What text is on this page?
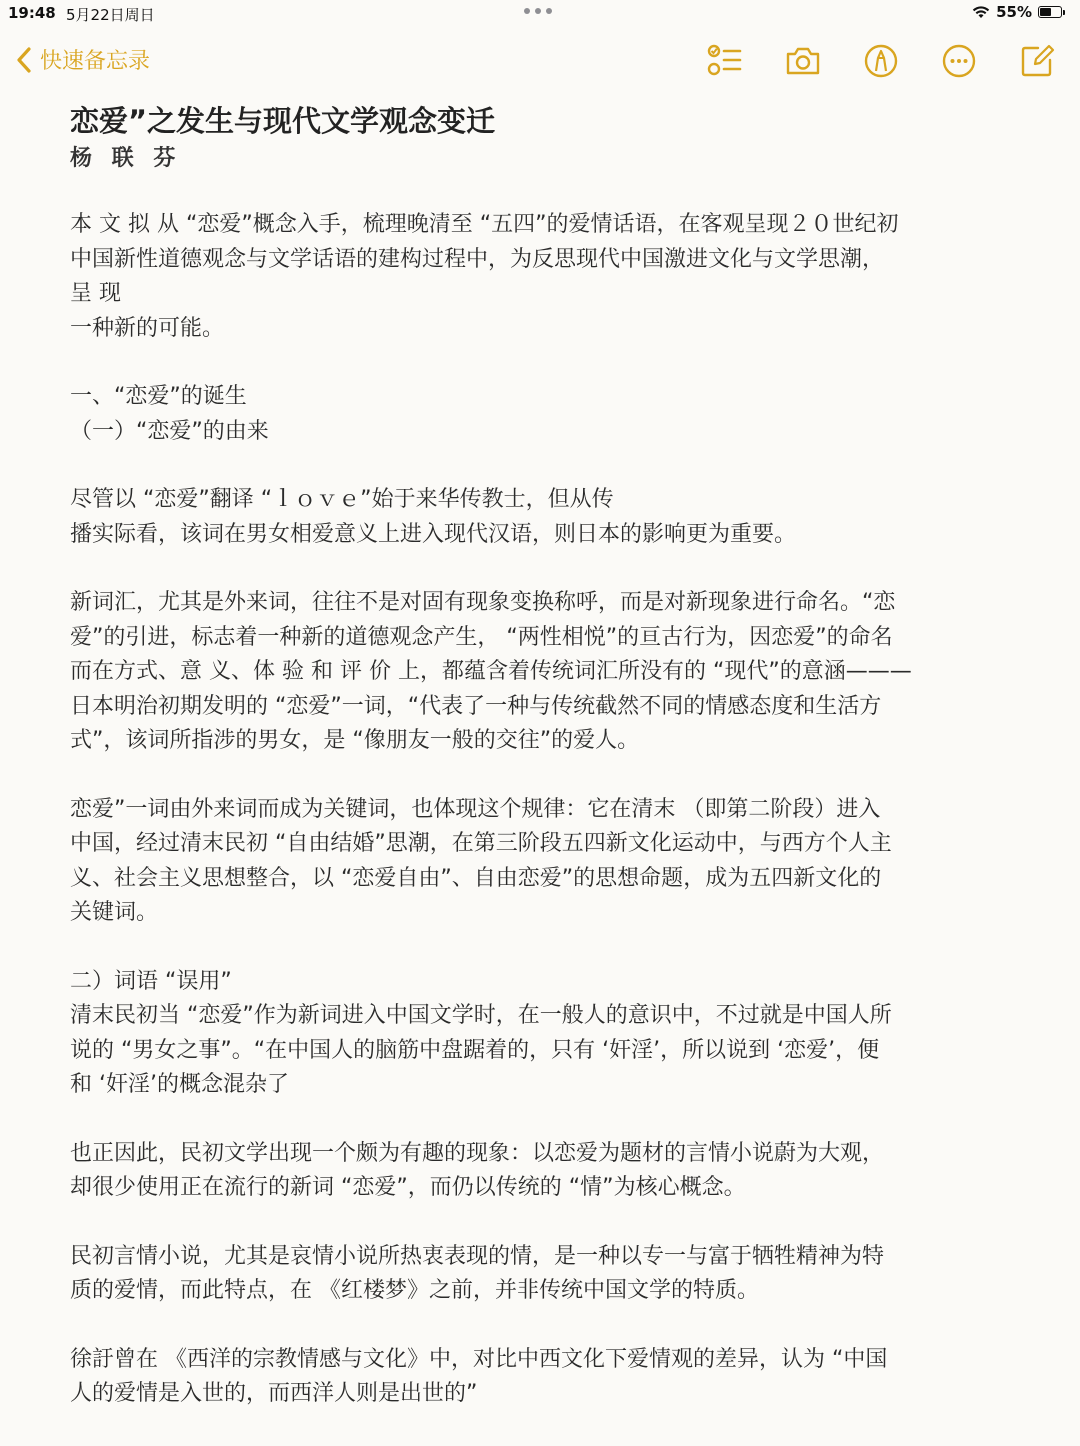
19:48 5月22日周日	55%
快速备忘录
恋爱”之发生与现代文学观念变迁
杨 联 芬

本 文 拟 从 “恋爱”概念入手，梳理晚清至 “五四”的爱情话语，在客观呈现２０世纪初
中国新性道德观念与文学话语的建构过程中，为反思现代中国激进文化与文学思潮，
呈 现
一种新的可能。

一、“恋爱”的诞生
（一）“恋爱”的由来

尽管以 “恋爱”翻译 “ｌｏｖｅ”始于来华传教士，但从传
播实际看，该词在男女相爱意义上进入现代汉语，则日本的影响更为重要。

新词汇，尤其是外来词，往往不是对固有现象变换称呼，而是对新现象进行命名。“恋
爱”的引进，标志着一种新的道德观念产生， “两性相悦”的亘古行为，因恋爱”的命名
而在方式、意 义、体 验 和 评 价 上，都蕴含着传统词汇所没有的 “现代”的意涵———
日本明治初期发明的 “恋爱”一词，“代表了一种与传统截然不同的情感态度和生活方
式”，该词所指涉的男女，是 “像朋友一般的交往”的爱人。

恋爱”一词由外来词而成为关键词，也体现这个规律：它在清末 （即第二阶段）进入
中国，经过清末民初 “自由结婚”思潮，在第三阶段五四新文化运动中，与西方个人主
义、社会主义思想整合，以 “恋爱自由”、自由恋爱”的思想命题，成为五四新文化的
关键词。

二）词语 “误用”
清末民初当 “恋爱”作为新词进入中国文学时，在一般人的意识中，不过就是中国人所
说的 “男女之事”。“在中国人的脑筋中盘踞着的，只有 ‘奸淫’，所以说到 ‘恋爱’，便
和 ‘奸淫’的概念混杂了

也正因此，民初文学出现一个颇为有趣的现象：以恋爱为题材的言情小说蔚为大观，
却很少使用正在流行的新词 “恋爱”，而仍以传统的 “情”为核心概念。

民初言情小说，尤其是哀情小说所热衷表现的情，是一种以专一与富于牺牲精神为特
质的爱情，而此特点，在 《红楼梦》之前，并非传统中国文学的特质。

徐訏曾在 《西洋的宗教情感与文化》中，对比中西文化下爱情观的差异，认为 “中国
人的爱情是入世的，而西洋人则是出世的”
